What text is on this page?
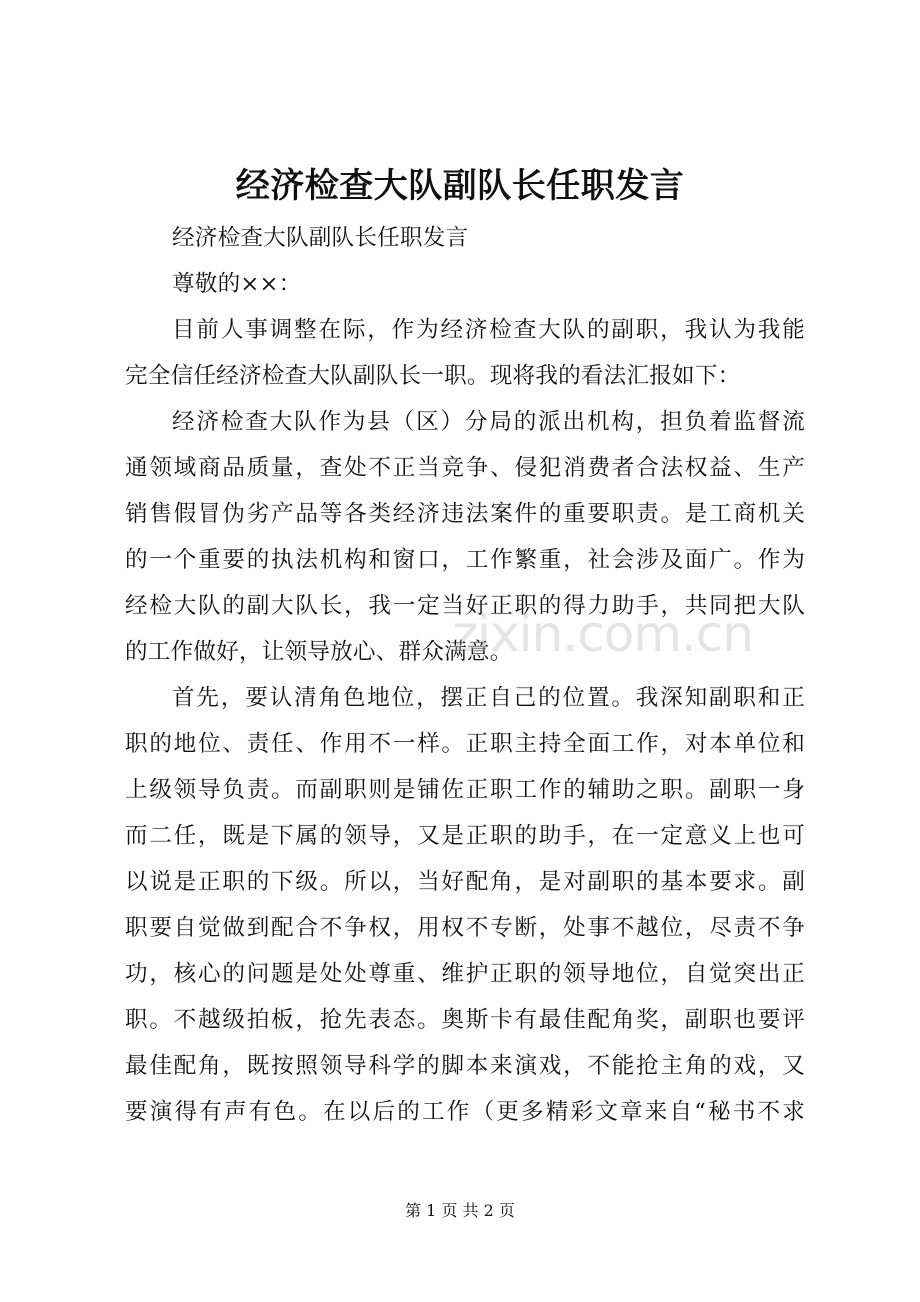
经济检查大队副队长任职发言
经济检查大队副队长任职发言
尊敬的××：
目前人事调整在际，作为经济检查大队的副职，我认为我能
完全信任经济检查大队副队长一职。现将我的看法汇报如下：
经济检查大队作为县（区）分局的派出机构，担负着监督流
通领域商品质量，查处不正当竞争、侵犯消费者合法权益、生产
销售假冒伪劣产品等各类经济违法案件的重要职责。是工商机关
的一个重要的执法机构和窗口，工作繁重，社会涉及面广。作为
经检大队的副大队长，我一定当好正职的得力助手，共同把大队
的工作做好，让领导放心、群众满意。
首先，要认清角色地位，摆正自己的位置。我深知副职和正
职的地位、责任、作用不一样。正职主持全面工作，对本单位和
上级领导负责。而副职则是铺佐正职工作的辅助之职。副职一身
而二任，既是下属的领导，又是正职的助手，在一定意义上也可
以说是正职的下级。所以，当好配角，是对副职的基本要求。副
职要自觉做到配合不争权，用权不专断，处事不越位，尽责不争
功，核心的问题是处处尊重、维护正职的领导地位，自觉突出正
职。不越级拍板，抢先表态。奥斯卡有最佳配角奖，副职也要评
最佳配角，既按照领导科学的脚本来演戏，不能抢主角的戏，又
要演得有声有色。在以后的工作（更多精彩文章来自“秘书不求
zixin.com.cn
第 1 页 共 2 页
